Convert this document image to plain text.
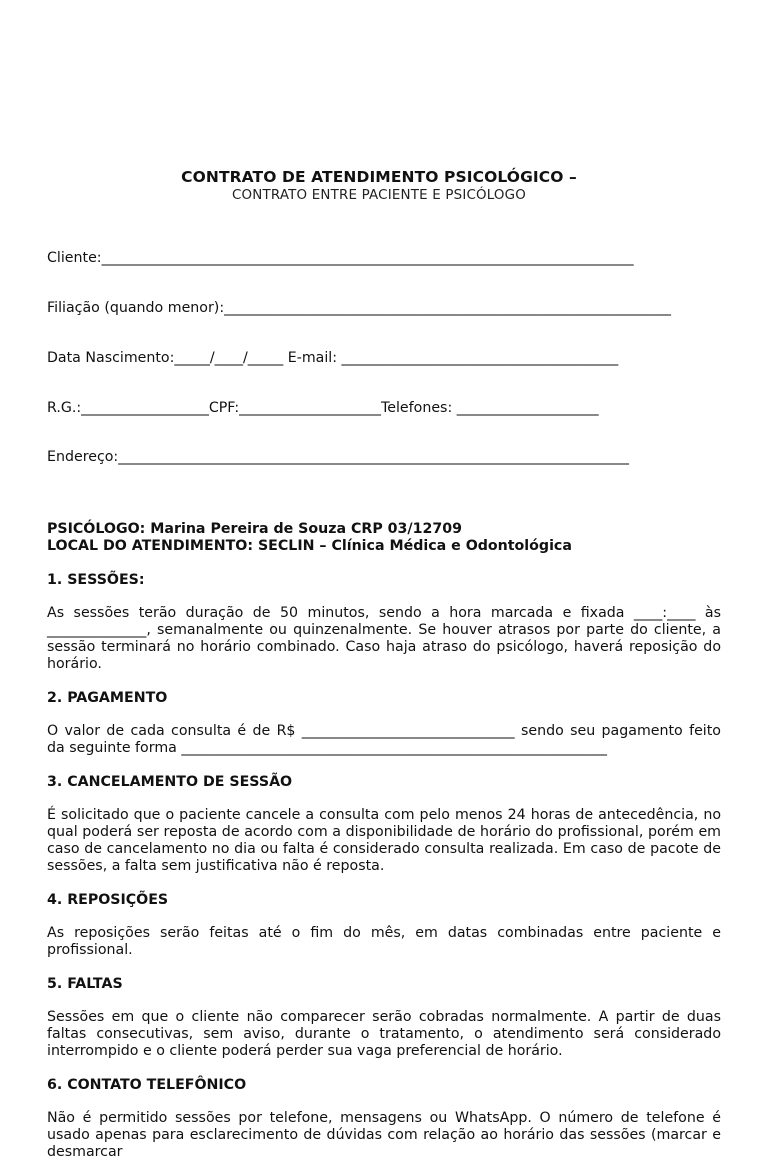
CONTRATO DE ATENDIMENTO PSICOLÓGICO –
CONTRATO ENTRE PACIENTE E PSICÓLOGO

Cliente:___________________________________________________________________________

Filiação (quando menor):_______________________________________________________________

Data Nascimento:_____/____/_____ E-mail: _______________________________________

R.G.:__________________CPF:____________________Telefones: ____________________

Endereço:________________________________________________________________________

PSICÓLOGO: Marina Pereira de Souza CRP 03/12709
LOCAL DO ATENDIMENTO: SECLIN – Clínica Médica e Odontológica
1. SESSÕES:
As sessões terão duração de 50 minutos, sendo a hora marcada e fixada ____:____ às ______________, semanalmente ou quinzenalmente. Se houver atrasos por parte do cliente, a sessão terminará no horário combinado. Caso haja atraso do psicólogo, haverá reposição do horário.
2. PAGAMENTO
O valor de cada consulta é de R$ ______________________________ sendo seu pagamento feito da seguinte forma ____________________________________________________________
3. CANCELAMENTO DE SESSÃO
É solicitado que o paciente cancele a consulta com pelo menos 24 horas de antecedência, no qual poderá ser reposta de acordo com a disponibilidade de horário do profissional, porém em caso de cancelamento no dia ou falta é considerado consulta realizada. Em caso de pacote de sessões, a falta sem justificativa não é reposta.
4. REPOSIÇÕES
As reposições serão feitas até o fim do mês, em datas combinadas entre paciente e profissional.
5. FALTAS
Sessões em que o cliente não comparecer serão cobradas normalmente. A partir de duas faltas consecutivas, sem aviso, durante o tratamento, o atendimento será considerado interrompido e o cliente poderá perder sua vaga preferencial de horário.
6. CONTATO TELEFÔNICO
Não é permitido sessões por telefone, mensagens ou WhatsApp. O número de telefone é usado apenas para esclarecimento de dúvidas com relação ao horário das sessões (marcar e desmarcar
